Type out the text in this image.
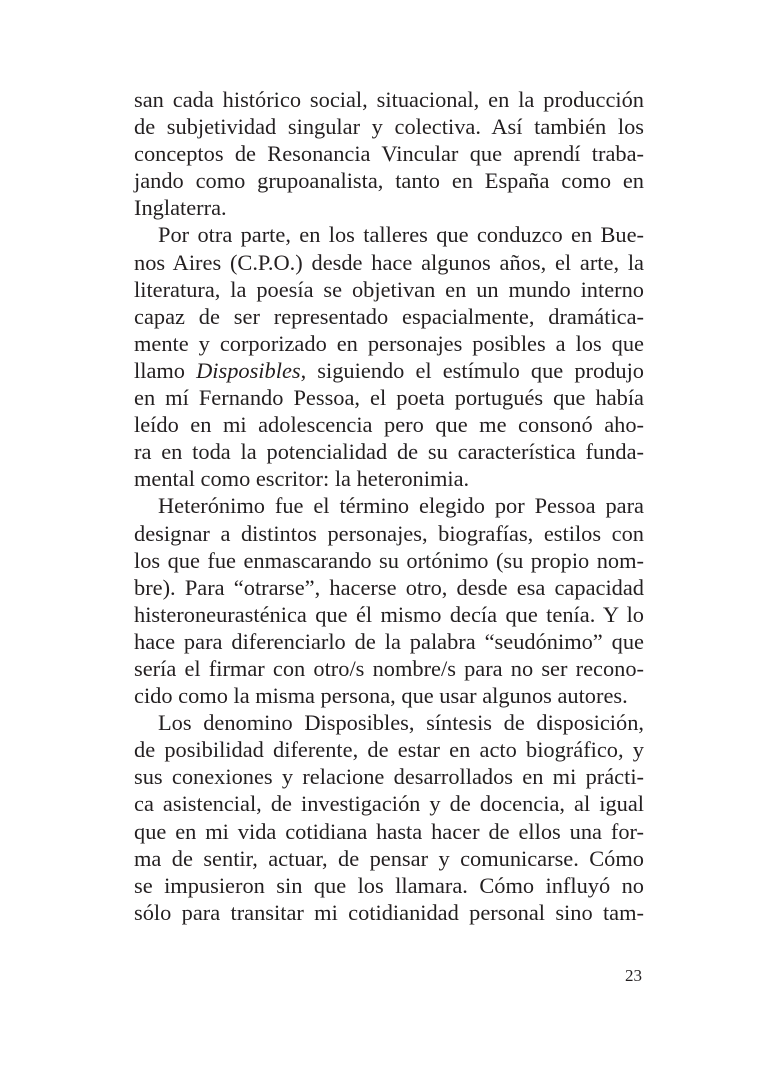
san cada histórico social, situacional, en la producción
de subjetividad singular y colectiva. Así también los
conceptos de Resonancia Vincular que aprendí traba-
jando como grupoanalista, tanto en España como en
Inglaterra.
Por otra parte, en los talleres que conduzco en Bue-
nos Aires (C.P.O.) desde hace algunos años, el arte, la
literatura, la poesía se objetivan en un mundo interno
capaz de ser representado espacialmente, dramática-
mente y corporizado en personajes posibles a los que
llamo Disposibles, siguiendo el estímulo que produjo
en mí Fernando Pessoa, el poeta portugués que había
leído en mi adolescencia pero que me consonó aho-
ra en toda la potencialidad de su característica funda-
mental como escritor: la heteronimia.
Heterónimo fue el término elegido por Pessoa para
designar a distintos personajes, biografías, estilos con
los que fue enmascarando su ortónimo (su propio nom-
bre). Para “otrarse”, hacerse otro, desde esa capacidad
histeroneurasténica que él mismo decía que tenía. Y lo
hace para diferenciarlo de la palabra “seudónimo” que
sería el firmar con otro/s nombre/s para no ser recono-
cido como la misma persona, que usar algunos autores.
Los denomino Disposibles, síntesis de disposición,
de posibilidad diferente, de estar en acto biográfico, y
sus conexiones y relacione desarrollados en mi prácti-
ca asistencial, de investigación y de docencia, al igual
que en mi vida cotidiana hasta hacer de ellos una for-
ma de sentir, actuar, de pensar y comunicarse. Cómo
se impusieron sin que los llamara. Cómo influyó no
sólo para transitar mi cotidianidad personal sino tam-
23
